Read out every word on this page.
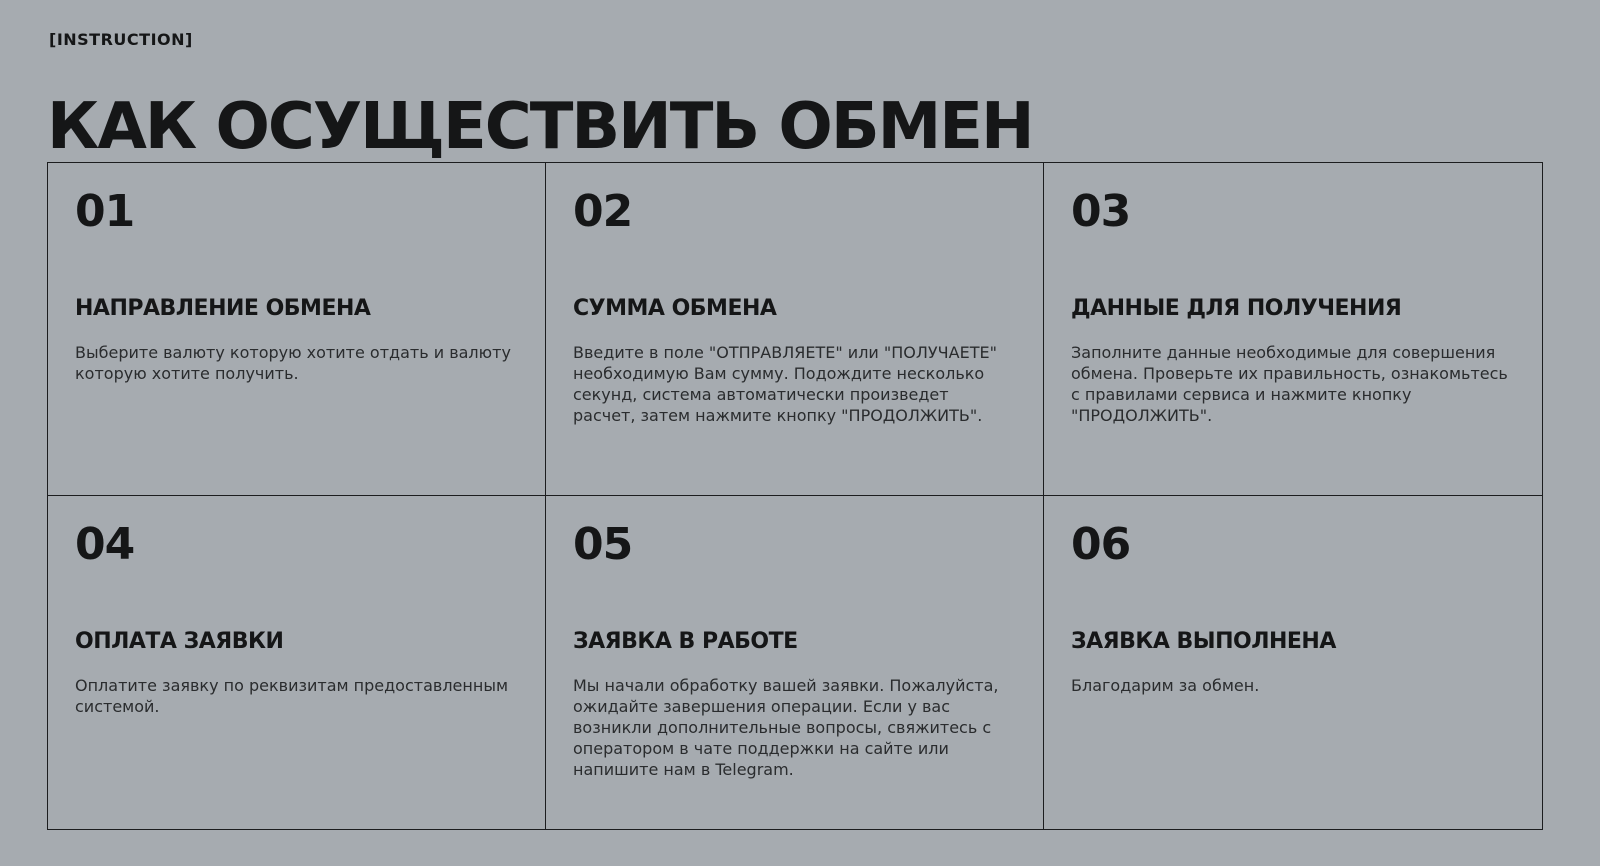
[INSTRUCTION]
КАК ОСУЩЕСТВИТЬ ОБМЕН
01
НАПРАВЛЕНИЕ ОБМЕНА
Выберите валюту которую хотите отдать и валюту которую хотите получить.
02
СУММА ОБМЕНА
Введите в поле "ОТПРАВЛЯЕТЕ" или "ПОЛУЧАЕТЕ" необходимую Вам сумму. Подождите несколько секунд, система автоматически произведет расчет, затем нажмите кнопку "ПРОДОЛЖИТЬ".
03
ДАННЫЕ ДЛЯ ПОЛУЧЕНИЯ
Заполните данные необходимые для совершения обмена. Проверьте их правильность, ознакомьтесь с правилами сервиса и нажмите кнопку "ПРОДОЛЖИТЬ".
04
ОПЛАТА ЗАЯВКИ
Оплатите заявку по реквизитам предоставленным системой.
05
ЗАЯВКА В РАБОТЕ
Мы начали обработку вашей заявки. Пожалуйста, ожидайте завершения операции. Если у вас возникли дополнительные вопросы, свяжитесь с оператором в чате поддержки на сайте или напишите нам в Telegram.
06
ЗАЯВКА ВЫПОЛНЕНА
Благодарим за обмен.
